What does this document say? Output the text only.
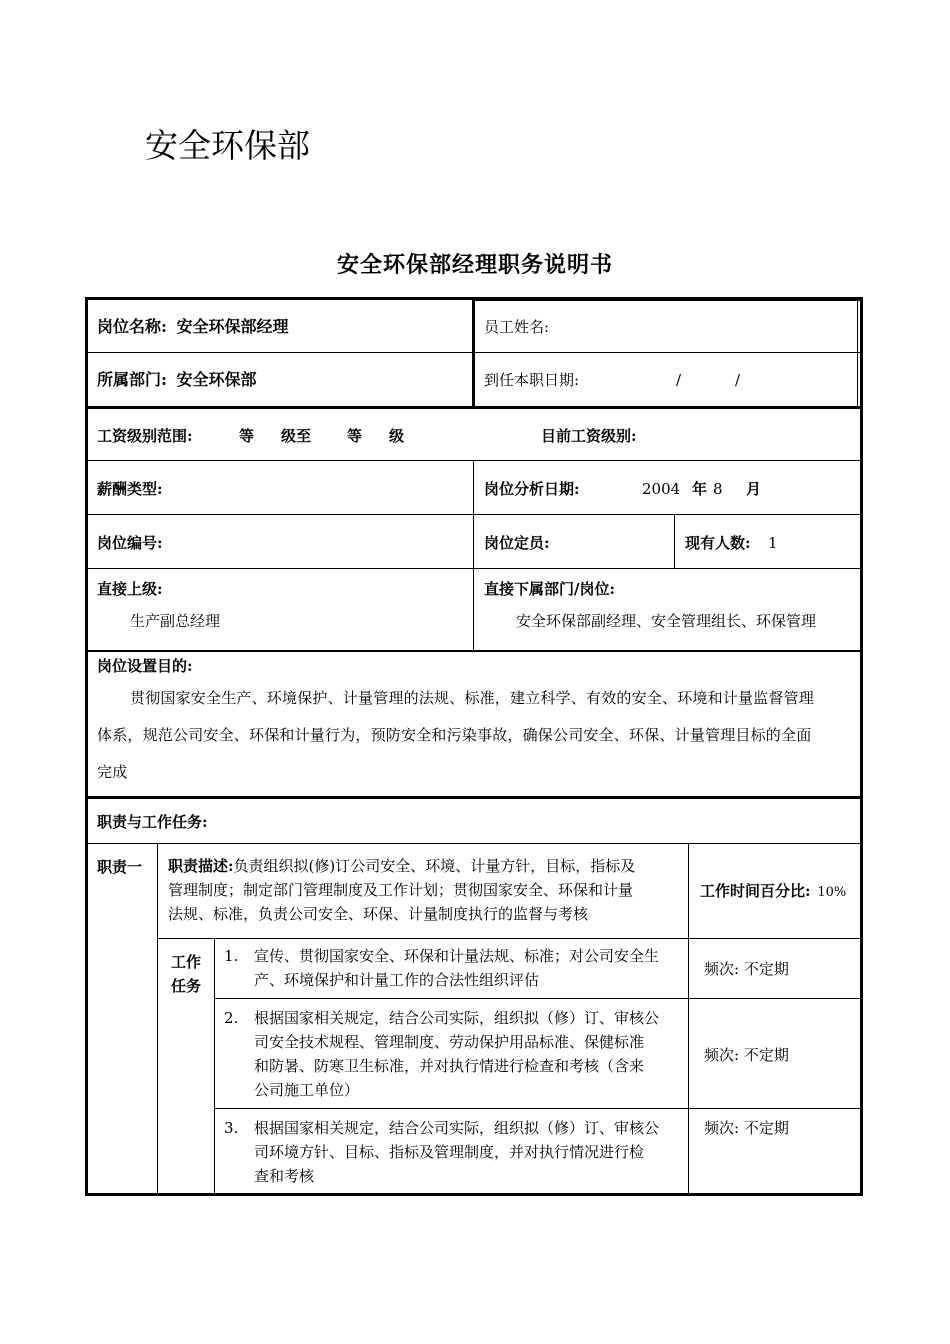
安全环保部
安全环保部经理职务说明书
岗位名称: 安全环保部经理	员工姓名:
所属部门: 安全环保部	到任本职日期:	/	/
工资级别范围:	等 级至 等 级	目前工资级别:
薪酬类型:	岗位分析日期:	2004 年 8 月
岗位编号:	岗位定员:	现有人数: 1
直接上级:
生产副总经理
直接下属部门/岗位:
安全环保部副经理、安全管理组长、环保管理
岗位设置目的:
贯彻国家安全生产、环境保护、计量管理的法规、标准，建立科学、有效的安全、环境和计量监督管理
体系，规范公司安全、环保和计量行为，预防安全和污染事故，确保公司安全、环保、计量管理目标的全面
完成
职责与工作任务:
职责一 职责描述:负责组织拟(修)订公司安全、环境、计量方针，目标，指标及
管理制度；制定部门管理制度及工作计划；贯彻国家安全、环保和计量
法规、标准，负责公司安全、环保、计量制度执行的监督与考核
工作时间百分比: 10%
工作
任务
1. 宣传、贯彻国家安全、环保和计量法规、标准；对公司安全生
产、环境保护和计量工作的合法性组织评估
频次: 不定期
2. 根据国家相关规定，结合公司实际，组织拟（修）订、审核公
司安全技术规程、管理制度、劳动保护用品标准、保健标准
和防暑、防寒卫生标准，并对执行情进行检查和考核（含来
公司施工单位）
频次: 不定期
3. 根据国家相关规定，结合公司实际，组织拟（修）订、审核公
司环境方针、目标、指标及管理制度，并对执行情况进行检
查和考核
频次: 不定期
